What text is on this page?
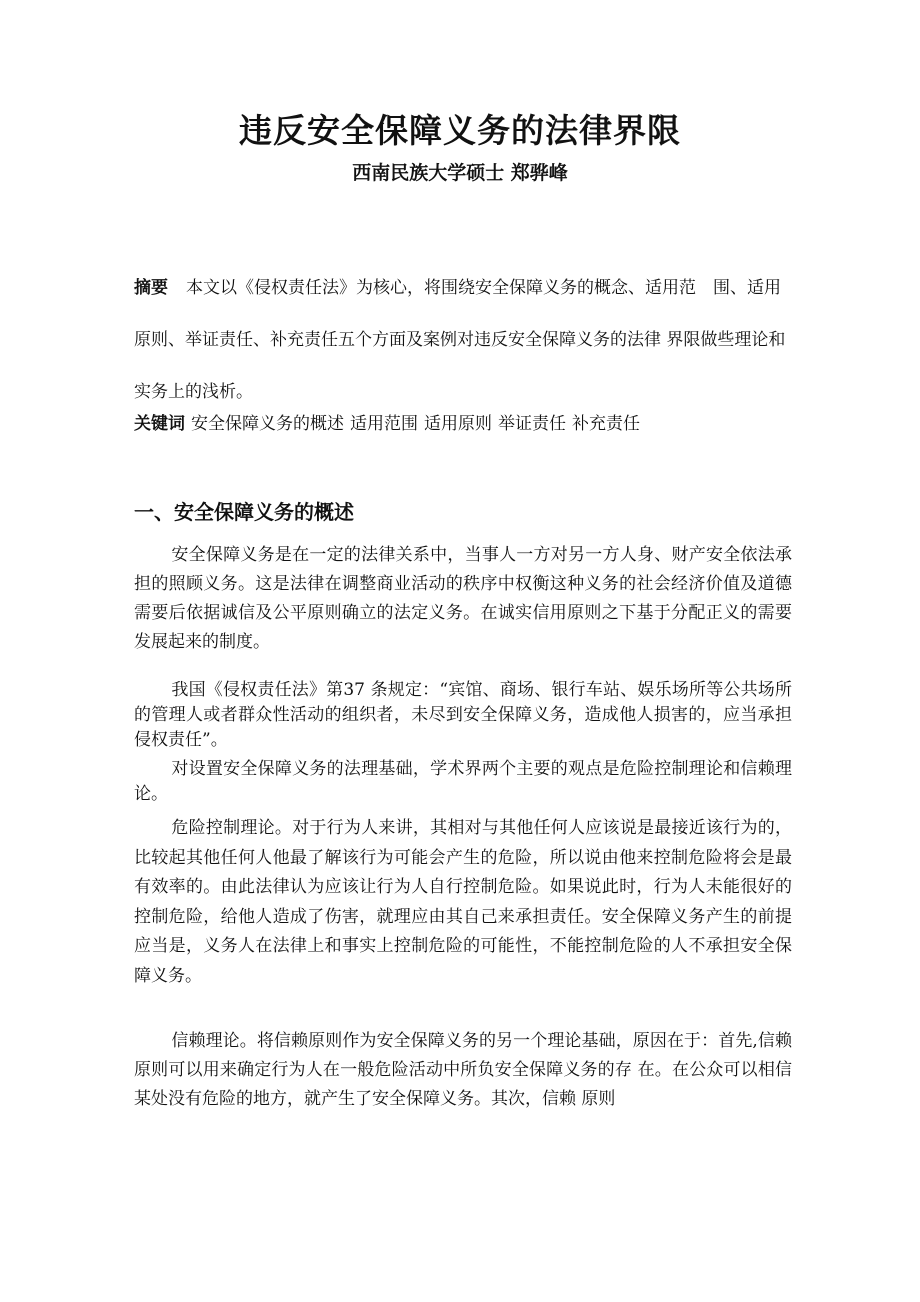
违反安全保障义务的法律界限
西南民族大学硕士 郑骅峰

摘要 本文以《侵权责任法》为核心，将围绕安全保障义务的概念、适用范　围、适用原则、举证责任、补充责任五个方面及案例对违反安全保障义务的法律 界限做些理论和实务上的浅析。

关键词 安全保障义务的概述 适用范围 适用原则 举证责任 补充责任

一、安全保障义务的概述

安全保障义务是在一定的法律关系中，当事人一方对另一方人身、财产安全依法承担的照顾义务。这是法律在调整商业活动的秩序中权衡这种义务的社会经济价值及道德需要后依据诚信及公平原则确立的法定义务。在诚实信用原则之下基于分配正义的需要发展起来的制度。

我国《侵权责任法》第37 条规定：“宾馆、商场、银行车站、娱乐场所等公共场所的管理人或者群众性活动的组织者，未尽到安全保障义务，造成他人损害的，应当承担侵权责任”。

对设置安全保障义务的法理基础，学术界两个主要的观点是危险控制理论和信赖理论。

危险控制理论。对于行为人来讲，其相对与其他任何人应该说是最接近该行为的，比较起其他任何人他最了解该行为可能会产生的危险，所以说由他来控制危险将会是最有效率的。由此法律认为应该让行为人自行控制危险。如果说此时，行为人未能很好的控制危险，给他人造成了伤害，就理应由其自己来承担责任。安全保障义务产生的前提应当是，义务人在法律上和事实上控制危险的可能性，不能控制危险的人不承担安全保障义务。

信赖理论。将信赖原则作为安全保障义务的另一个理论基础，原因在于：首先,信赖原则可以用来确定行为人在一般危险活动中所负安全保障义务的存 在。在公众可以相信某处没有危险的地方，就产生了安全保障义务。其次，信赖 原则
